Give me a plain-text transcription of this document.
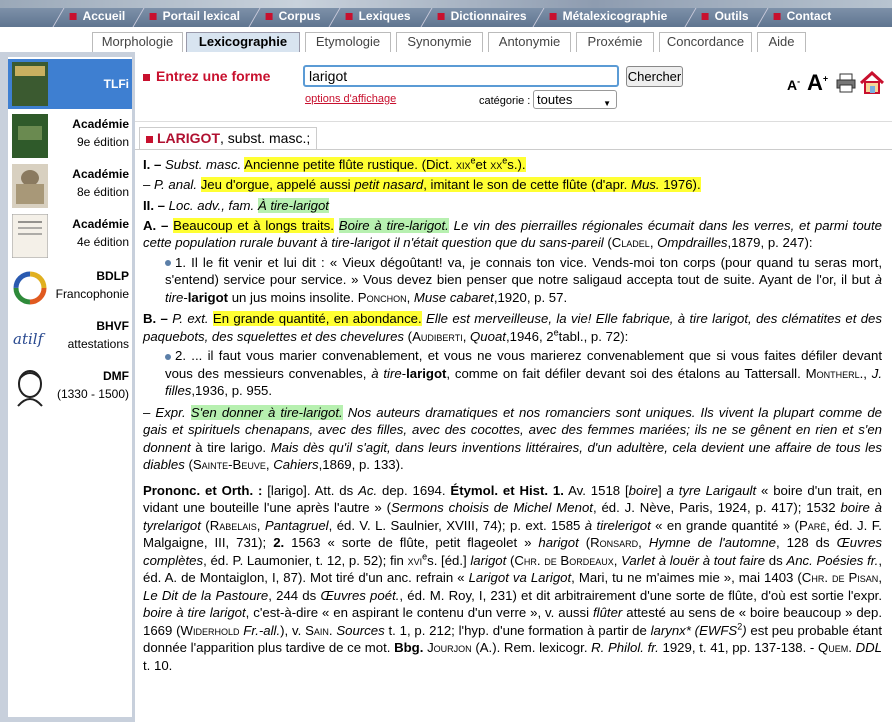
Accueil	Portail lexical	Corpus	Lexiques	Dictionnaires	Métalexicographie	Outils	Contact
Morphologie	Lexicographie	Etymologie	Synonymie	Antonymie	Proxémie	Concordance	Aide
TLFi
Académie
9e édition
Académie
8e édition
Académie
4e édition
BDLP
Francophonie
atilf
BHVF
attestations
DMF
(1330 - 1500)
Entrez une forme
larigot	Chercher
options d'affichage	catégorie : toutes	▼
A- A+
LARIGOT, subst. masc.;
I. – Subst. masc. Ancienne petite flûte rustique. (Dict. xix$^e$et $xx^es$.).
– P. anal. Jeu d'orgue, appelé aussi petit nasard, imitant le son de cette flûte (d'apr. Mus. 1976).
II. – Loc. adv., fam. À tire-larigot
A. – Beaucoup et à longs traits. Boire à tire-larigot. Le vin des pierrailles régionales écumait dans les verres, et parmi toute cette population rurale buvant à tire-larigot il n'était question que du sans-pareil (Cladel, Ompdrailles,1879, p. 247):
1. Il le fit venir et lui dit : « Vieux dégoûtant! va, je connais ton vice. Vends-moi ton corps (pour quand tu seras mort, s'entend) service pour service. » Vous devez bien penser que notre saligaud accepta tout de suite. Ayant de l'or, il but à tire-larigot un jus moins insolite. Ponchon, Muse cabaret,1920, p. 57.
B. – P. ext. En grande quantité, en abondance. Elle est merveilleuse, la vie! Elle fabrique, à tire larigot, des clématites et des paquebots, des squelettes et des chevelures (Audiberti, Quoat,1946, 2etabl., p. 72):
2. ... il faut vous marier convenablement, et vous ne vous marierez convenablement que si vous faites défiler devant vous des messieurs convenables, à tire-larigot, comme on fait défiler devant soi des étalons au Tattersall. Montherl., J. filles,1936, p. 955.
– Expr. S'en donner à tire-larigot. Nos auteurs dramatiques et nos romanciers sont uniques. Ils vivent la plupart comme de gais et spirituels chenapans, avec des filles, avec des cocottes, avec des femmes mariées; ils ne se gênent en rien et s'en donnent à tire larigo. Mais dès qu'il s'agit, dans leurs inventions littéraires, d'un adultère, cela devient une affaire de tous les diables (Sainte-Beuve, Cahiers,1869, p. 133).
Prononc. et Orth. : [larigo]. Att. ds Ac. dep. 1694. Étymol. et Hist. 1. Av. 1518 [boire] a tyre Larigault « boire d'un trait, en vidant une bouteille l'une après l'autre » (Sermons choisis de Michel Menot, éd. J. Nève, Paris, 1924, p. 417); 1532 boire à tyrelarigot (Rabelais, Pantagruel, éd. V. L. Saulnier, XVIII, 74); p. ext. 1585 à tirelerigot « en grande quantité » (Paré, éd. J. F. Malgaigne, III, 731); 2. 1563 « sorte de flûte, petit flageolet » harigot (Ronsard, Hymne de l'automne, 128 ds Œuvres complètes, éd. P. Laumonier, t. 12, p. 52); fin xvi$^e$s. [éd.] larigot (Chr. de Bordeaux, Varlet à louër à tout faire ds Anc. Poésies fr., éd. A. de Montaiglon, I, 87). Mot tiré d'un anc. refrain « Larigot va Larigot, Mari, tu ne m'aimes mie », mai 1403 (Chr. de Pisan, Le Dit de la Pastoure, 244 ds Œuvres poét., éd. M. Roy, I, 231) et dit arbitrairement d'une sorte de flûte, d'où est sortie l'expr. boire à tire larigot, c'est-à-dire « en aspirant le contenu d'un verre », v. aussi flûter attesté au sens de « boire beaucoup » dep. 1669 (Widerhold Fr.-all.), v. Sain. Sources t. 1, p. 212; l'hyp. d'une formation à partir de larynx* (EWFS$^2$) est peu probable étant donnée l'apparition plus tardive de ce mot. Bbg. Jourjon (A.). Rem. lexicogr. R. Philol. fr. 1929, t. 41, pp. 137-138. - Quem. DDL t. 10.
